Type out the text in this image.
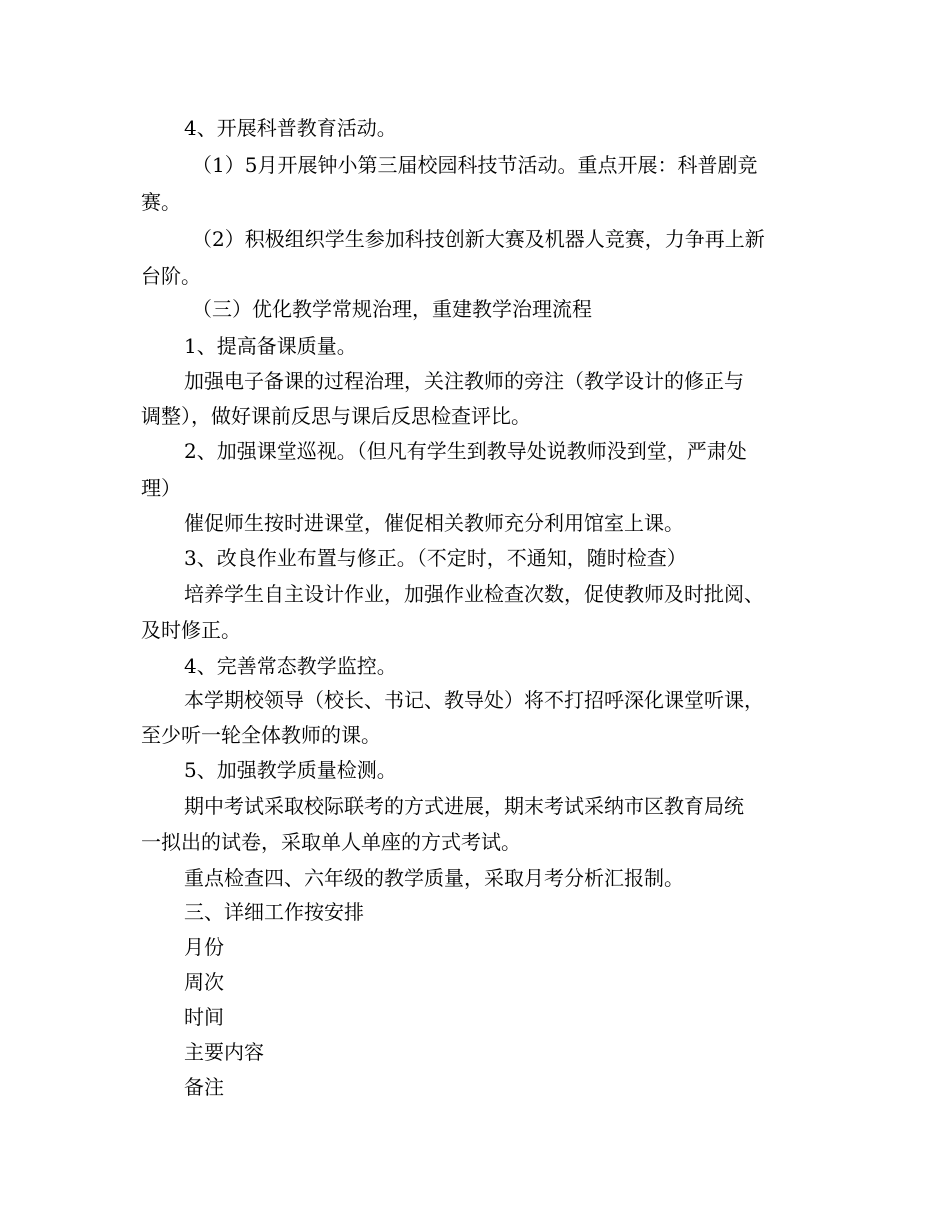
4、开展科普教育活动。
（1）5月开展钟小第三届校园科技节活动。重点开展：科普剧竞
赛。
（2）积极组织学生参加科技创新大赛及机器人竞赛，力争再上新
台阶。
（三）优化教学常规治理，重建教学治理流程
1、提高备课质量。
加强电子备课的过程治理，关注教师的旁注（教学设计的修正与
调整），做好课前反思与课后反思检查评比。
2、加强课堂巡视。（但凡有学生到教导处说教师没到堂，严肃处
理）
催促师生按时进课堂，催促相关教师充分利用馆室上课。
3、改良作业布置与修正。（不定时，不通知，随时检查）
培养学生自主设计作业，加强作业检查次数，促使教师及时批阅、
及时修正。
4、完善常态教学监控。
本学期校领导（校长、书记、教导处）将不打招呼深化课堂听课，
至少听一轮全体教师的课。
5、加强教学质量检测。
期中考试采取校际联考的方式进展，期末考试采纳市区教育局统
一拟出的试卷，采取单人单座的方式考试。
重点检查四、六年级的教学质量，采取月考分析汇报制。
三、详细工作按安排
月份
周次
时间
主要内容
备注
